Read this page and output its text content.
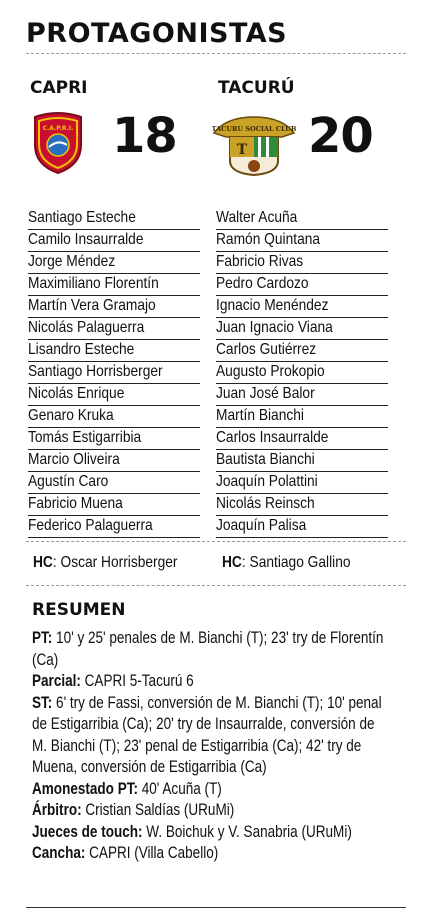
PROTAGONISTAS
CAPRI
C.A.P.R.I. 18
TACURÚ
TACURU SOCIAL CLUB
T 20
Santiago Esteche
Camilo Insaurralde
Jorge Méndez
Maximiliano Florentín
Martín Vera Gramajo
Nicolás Palaguerra
Lisandro Esteche
Santiago Horrisberger
Nicolás Enrique
Genaro Kruka
Tomás Estigarribia
Marcio Oliveira
Agustín Caro
Fabricio Muena
Federico Palaguerra
Walter Acuña
Ramón Quintana
Fabricio Rivas
Pedro Cardozo
Ignacio Menéndez
Juan Ignacio Viana
Carlos Gutiérrez
Augusto Prokopio
Juan José Balor
Martín Bianchi
Carlos Insaurralde
Bautista Bianchi
Joaquín Polattini
Nicolás Reinsch
Joaquín Palisa
HC: Oscar Horrisberger	HC: Santiago Gallino
RESUMEN

PT: 10' y 25' penales de M. Bianchi (T); 23' try de Florentín (Ca)

Parcial: CAPRI 5-Tacurú 6

ST: 6' try de Fassi, conversión de M. Bianchi (T); 10' penal de Estigarribia (Ca); 20' try de Insaurralde, conversión de M. Bianchi (T); 23' penal de Estigarribia (Ca); 42' try de Muena, conversión de Estigarribia (Ca)

Amonestado PT: 40' Acuña (T)

Árbitro: Cristian Saldías (URuMi)

Jueces de touch: W. Boichuk y V. Sanabria (URuMi)

Cancha: CAPRI (Villa Cabello)
